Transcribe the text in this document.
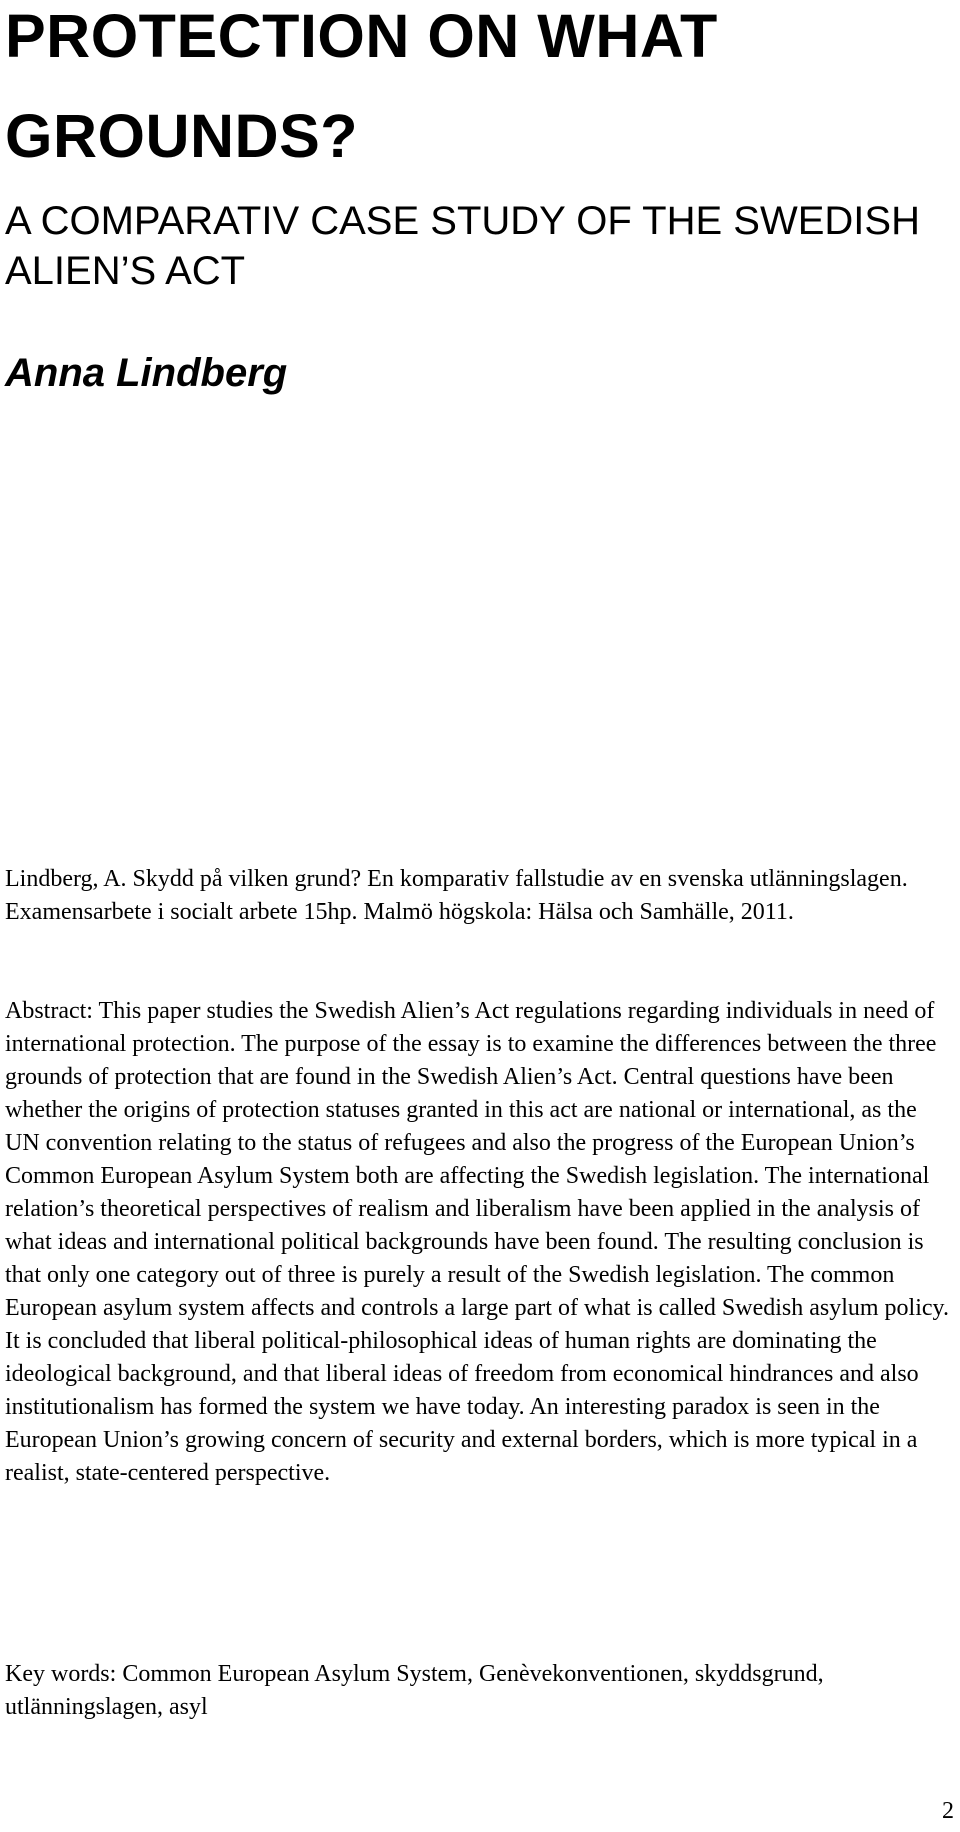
PROTECTION ON WHAT GROUNDS?
A COMPARATIV CASE STUDY OF THE SWEDISH ALIEN’S ACT

Anna Lindberg

Lindberg, A. Skydd på vilken grund? En komparativ fallstudie av en svenska utlänningslagen. Examensarbete i socialt arbete 15hp. Malmö högskola: Hälsa och Samhälle, 2011.

Abstract: This paper studies the Swedish Alien’s Act regulations regarding individuals in need of international protection. The purpose of the essay is to examine the differences between the three grounds of protection that are found in the Swedish Alien’s Act. Central questions have been whether the origins of protection statuses granted in this act are national or international, as the UN convention relating to the status of refugees and also the progress of the European Union’s Common European Asylum System both are affecting the Swedish legislation. The international relation’s theoretical perspectives of realism and liberalism have been applied in the analysis of what ideas and international political backgrounds have been found. The resulting conclusion is that only one category out of three is purely a result of the Swedish legislation. The common European asylum system affects and controls a large part of what is called Swedish asylum policy. It is concluded that liberal political-philosophical ideas of human rights are dominating the ideological background, and that liberal ideas of freedom from economical hindrances and also institutionalism has formed the system we have today. An interesting paradox is seen in the European Union’s growing concern of security and external borders, which is more typical in a realist, state-centered perspective.

Key words: Common European Asylum System, Genèvekonventionen, skyddsgrund, utlänningslagen, asyl

2
